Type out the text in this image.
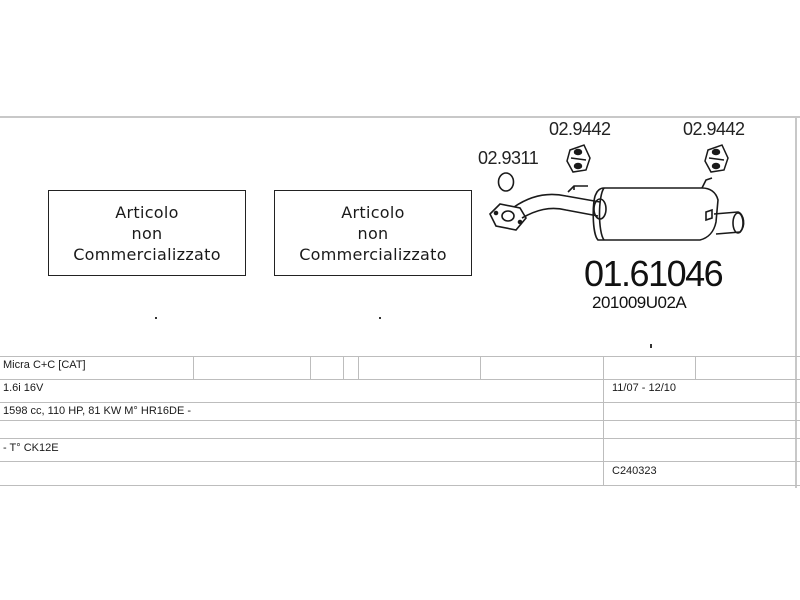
Articolo
non
Commercializzato
Articolo
non
Commercializzato
02.9311
02.9442	02.9442
01.61046
201009U02A
Micra C+C [CAT]
1.6i 16V	11/07 - 12/10
1598 cc, 110 HP, 81 KW M° HR16DE -
- T° CK12E
C240323
